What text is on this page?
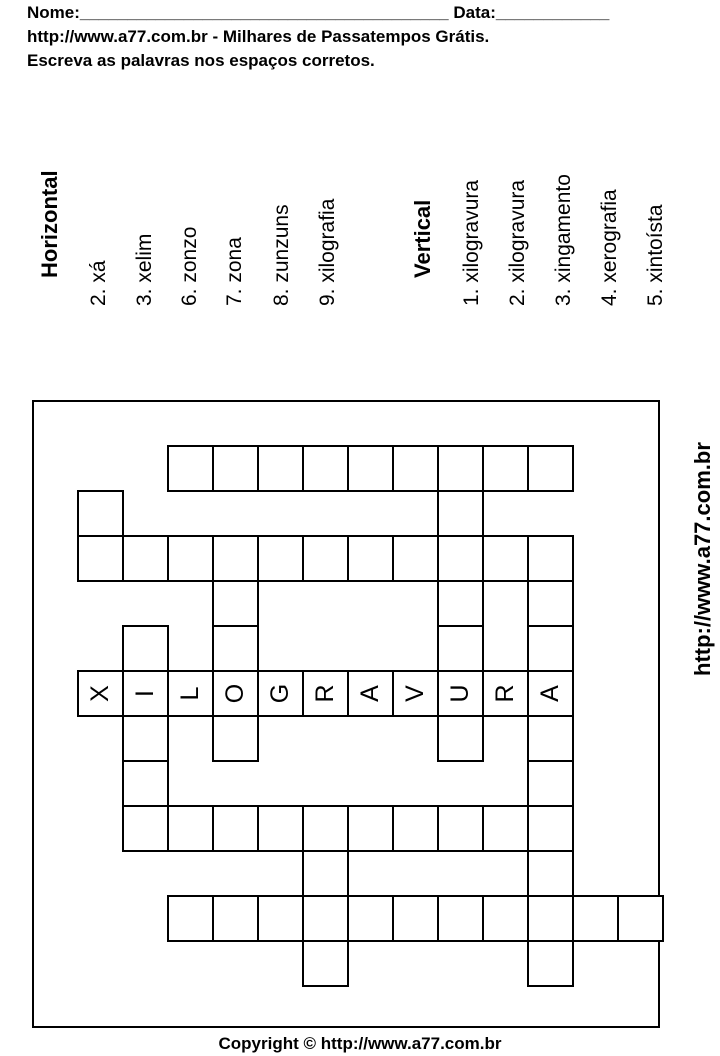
Nome:_______________________________________ Data:____________
http://www.a77.com.br - Milhares de Passatempos Grátis.
Escreva as palavras nos espaços corretos.
Horizontal
2. xá 3. xelim 6. zonzo 7. zona 8. zunzuns 9. xilografia	Vertical 1. xilogravura 2. xilogravura 3. xingamento 4. xerografia 5. xintoísta
http://www.a77.com.br
X I L O G R A V U R A
Copyright © http://www.a77.com.br
